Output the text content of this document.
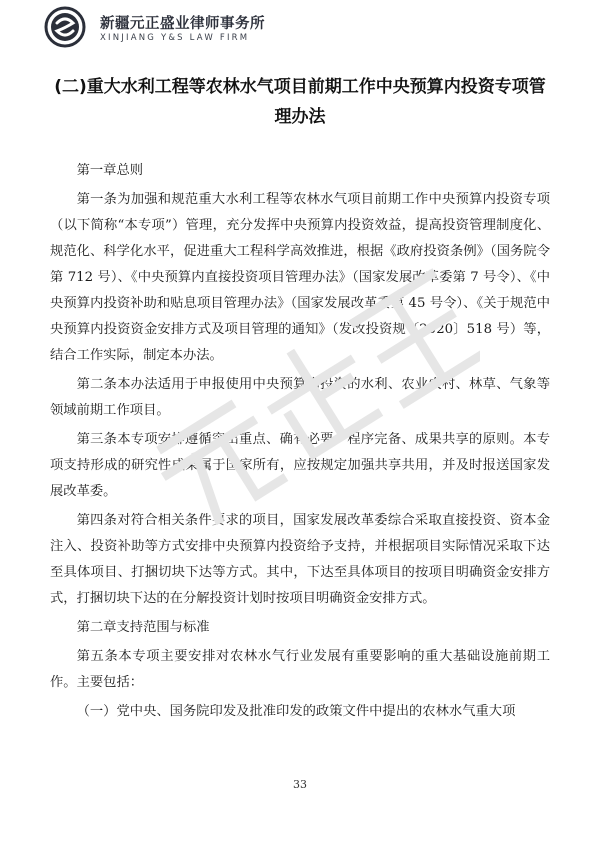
新疆元正盛业律师事务所
XINJIANG Y&S LAW FIRM
(二)重大水利工程等农林水气项目前期工作中央预算内投资专项管理办法

第一章总则

第一条为加强和规范重大水利工程等农林水气项目前期工作中央预算内投资专项（以下简称“本专项”）管理，充分发挥中央预算内投资效益，提高投资管理制度化、规范化、科学化水平，促进重大工程科学高效推进，根据《政府投资条例》（国务院令第 712 号）、《中央预算内直接投资项目管理办法》（国家发展改革委第 7 号令）、《中央预算内投资补助和贴息项目管理办法》（国家发展改革委第 45 号令）、《关于规范中央预算内投资资金安排方式及项目管理的通知》（发改投资规〔2020〕518 号）等，结合工作实际，制定本办法。

第二条本办法适用于申报使用中央预算内投资的水利、农业农村、林草、气象等领域前期工作项目。

第三条本专项安排遵循突出重点、确有必要、程序完备、成果共享的原则。本专项支持形成的研究性成果属于国家所有，应按规定加强共享共用，并及时报送国家发展改革委。

第四条对符合相关条件要求的项目，国家发展改革委综合采取直接投资、资本金注入、投资补助等方式安排中央预算内投资给予支持，并根据项目实际情况采取下达至具体项目、打捆切块下达等方式。其中，下达至具体项目的按项目明确资金安排方式，打捆切块下达的在分解投资计划时按项目明确资金安排方式。

第二章支持范围与标准

第五条本专项主要安排对农林水气行业发展有重要影响的重大基础设施前期工作。主要包括：

（一）党中央、国务院印发及批准印发的政策文件中提出的农林水气重大项

33
